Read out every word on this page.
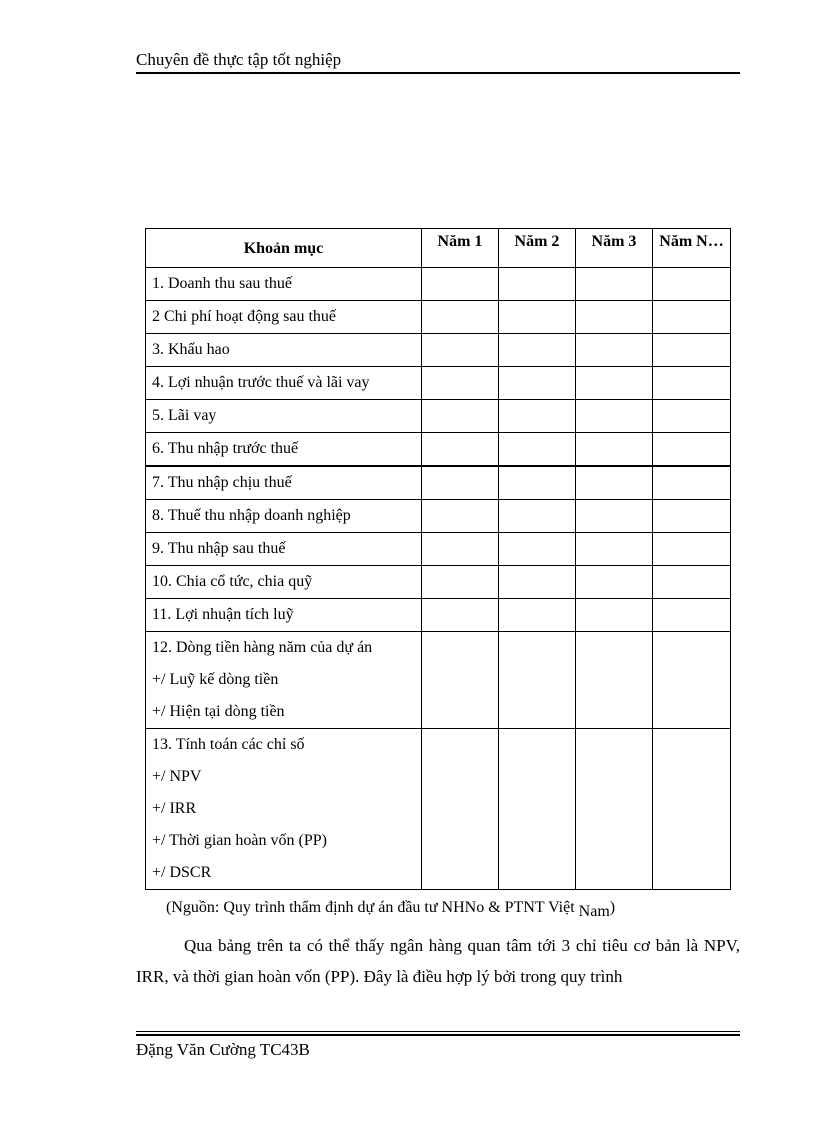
Chuyên đề thực tập tốt nghiệp
Khoản mục	Năm 1	Năm 2	Năm 3	Năm N…
1. Doanh thu sau thuế				
2 Chi phí hoạt động sau thuế				
3. Khấu hao				
4. Lợi nhuận trước thuế và lãi vay				
5. Lãi vay				
6. Thu nhập trước thuế				
7. Thu nhập chịu thuế				
8. Thuế thu nhập doanh nghiệp				
9. Thu nhập sau thuế				
10. Chia cổ tức, chia quỹ				
11. Lợi nhuận tích luỹ				

12. Dòng tiền hàng năm của dự án
+/ Luỹ kế dòng tiền
+/ Hiện tại dòng tiền				

13. Tính toán các chỉ số
+/ NPV
+/ IRR
+/ Thời gian hoàn vốn (PP)
+/ DSCR				

(Nguồn: Quy trình thẩm định dự án đầu tư NHNo & PTNT Việt Nam)
Qua bảng trên ta có thể thấy ngân hàng quan tâm tới 3 chỉ tiêu cơ bản là NPV, IRR, và thời gian hoàn vốn (PP). Đây là điều hợp lý bởi trong quy trình
Đặng Văn Cường TC43B
